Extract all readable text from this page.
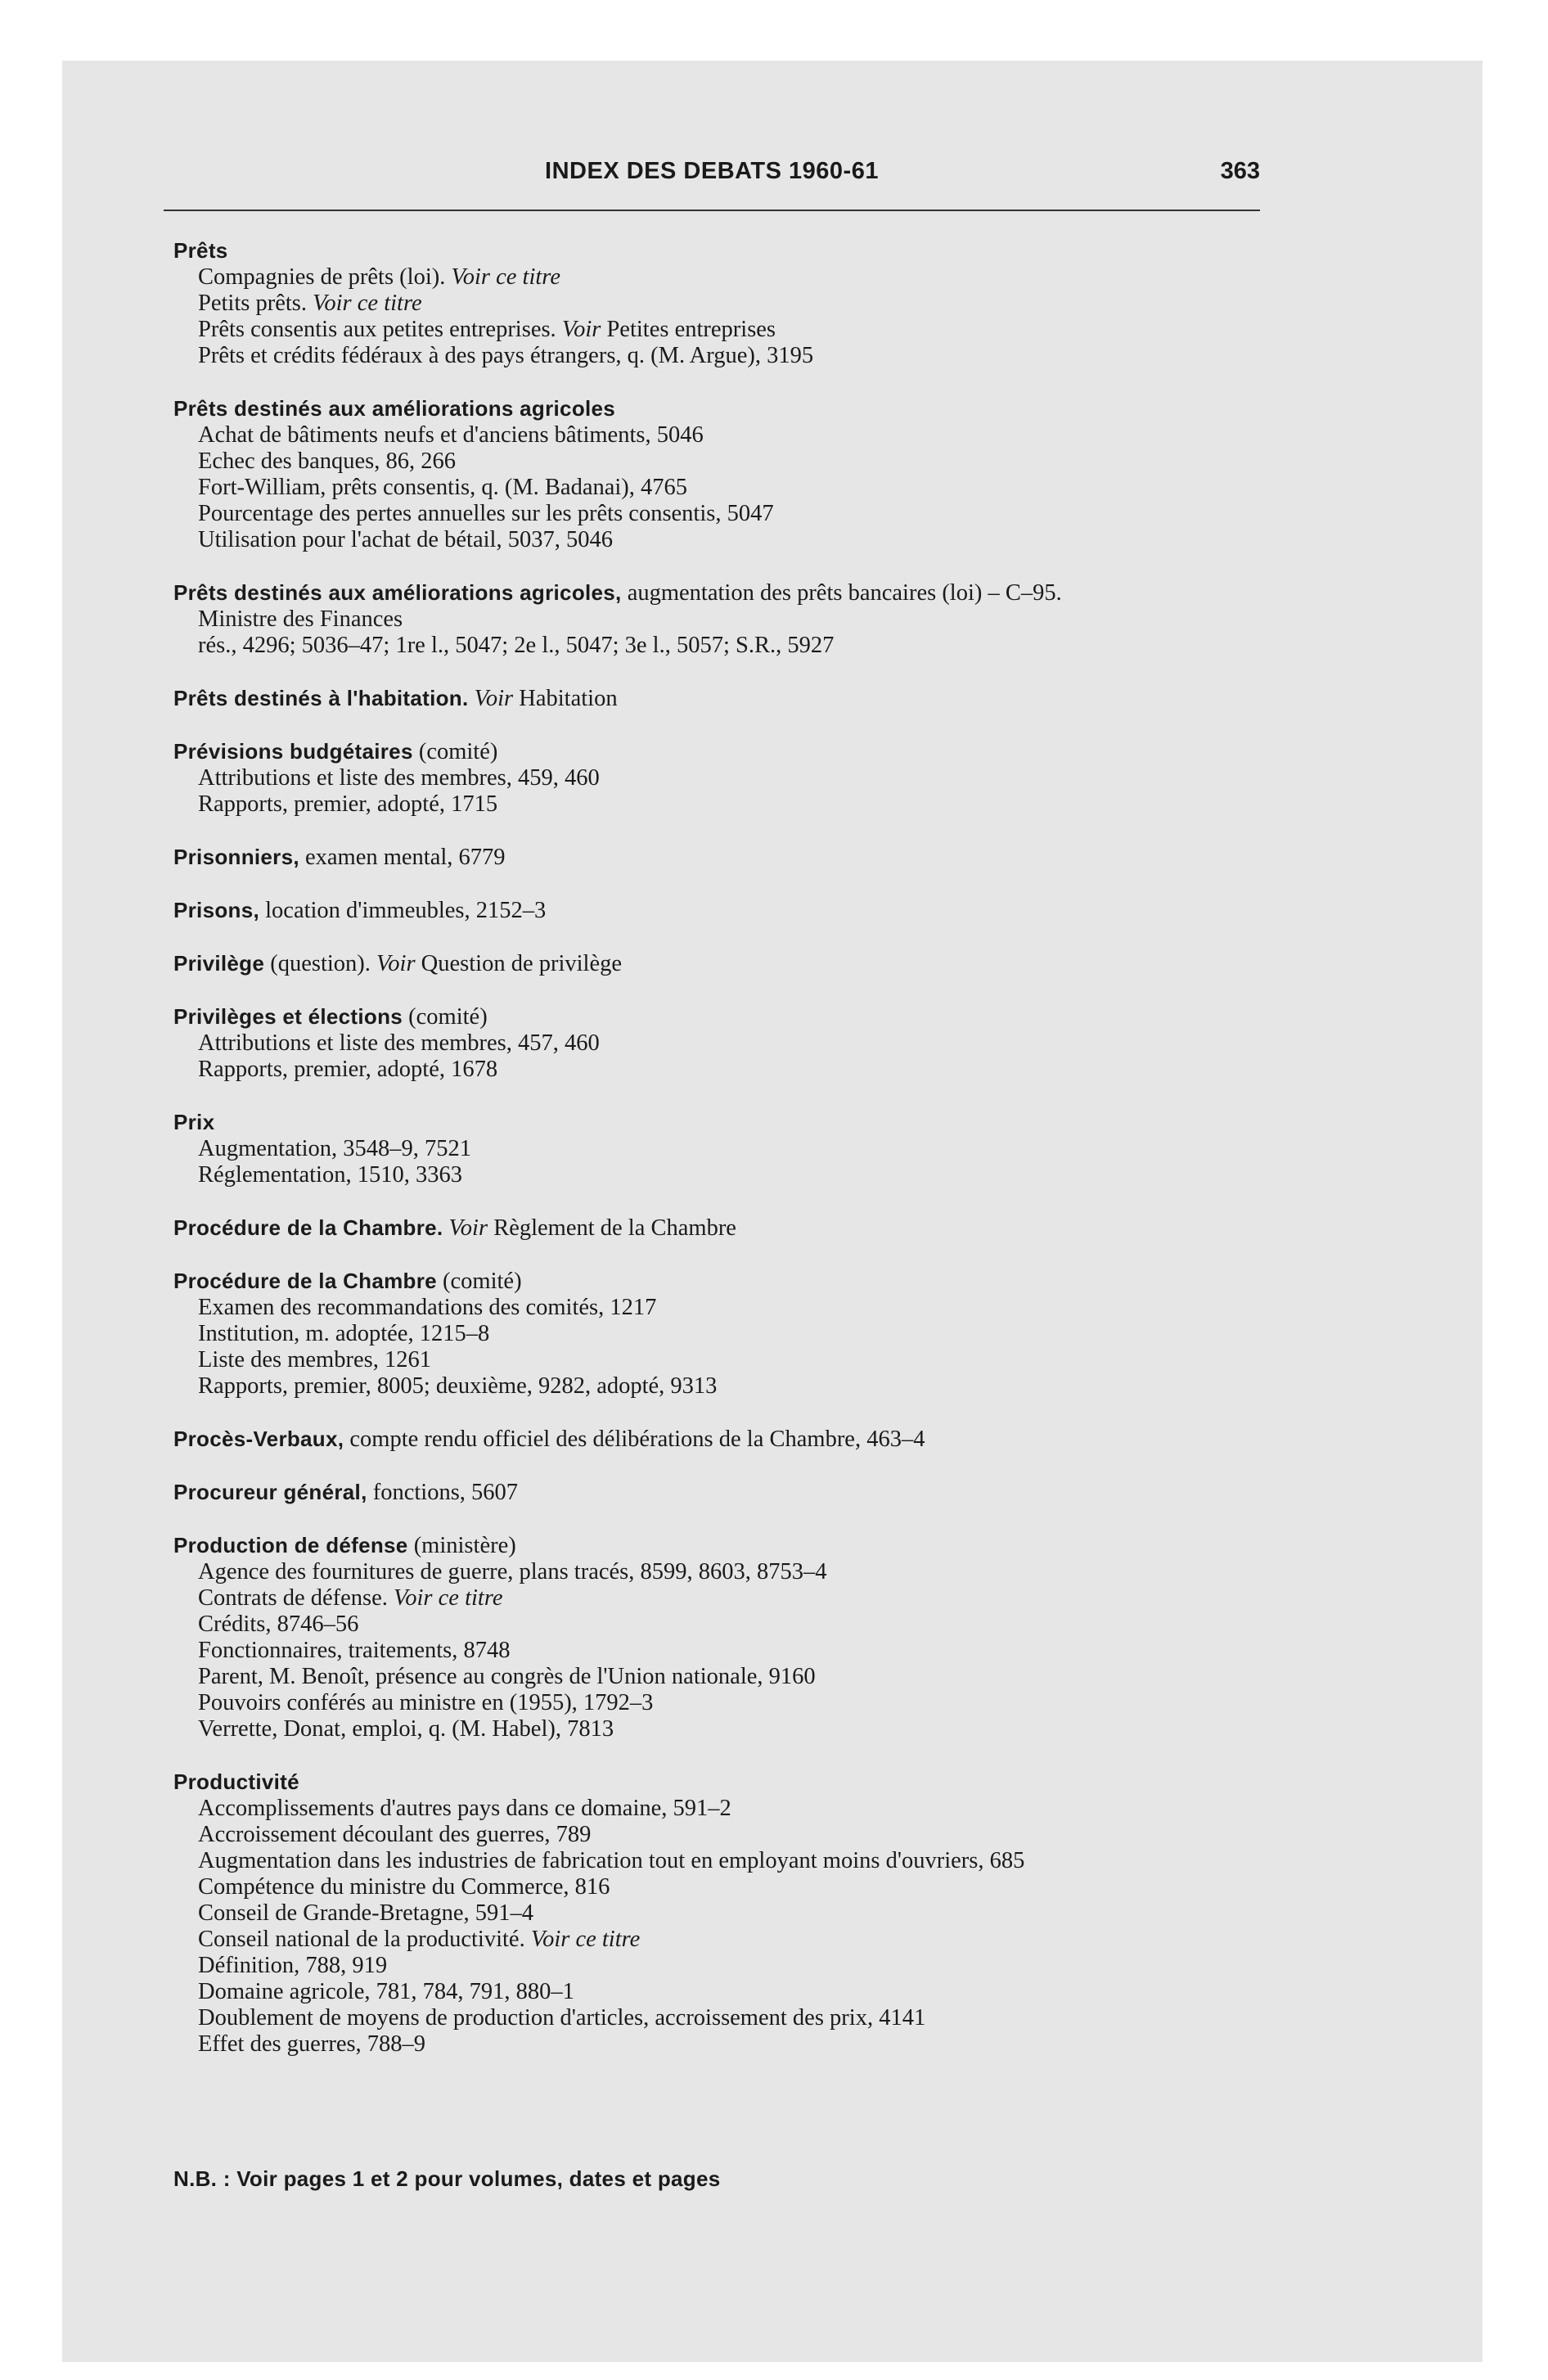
INDEX DES DEBATS 1960-61	363
Prêts
Compagnies de prêts (loi). Voir ce titre
Petits prêts. Voir ce titre
Prêts consentis aux petites entreprises. Voir Petites entreprises
Prêts et crédits fédéraux à des pays étrangers, q. (M. Argue), 3195
Prêts destinés aux améliorations agricoles
Achat de bâtiments neufs et d'anciens bâtiments, 5046
Echec des banques, 86, 266
Fort-William, prêts consentis, q. (M. Badanai), 4765
Pourcentage des pertes annuelles sur les prêts consentis, 5047
Utilisation pour l'achat de bétail, 5037, 5046
Prêts destinés aux améliorations agricoles, augmentation des prêts bancaires (loi) – C–95.
Ministre des Finances
rés., 4296; 5036–47; 1re l., 5047; 2e l., 5047; 3e l., 5057; S.R., 5927
Prêts destinés à l'habitation. Voir Habitation
Prévisions budgétaires (comité)
Attributions et liste des membres, 459, 460
Rapports, premier, adopté, 1715
Prisonniers, examen mental, 6779
Prisons, location d'immeubles, 2152–3
Privilège (question). Voir Question de privilège
Privilèges et élections (comité)
Attributions et liste des membres, 457, 460
Rapports, premier, adopté, 1678
Prix
Augmentation, 3548–9, 7521
Réglementation, 1510, 3363
Procédure de la Chambre. Voir Règlement de la Chambre
Procédure de la Chambre (comité)
Examen des recommandations des comités, 1217
Institution, m. adoptée, 1215–8
Liste des membres, 1261
Rapports, premier, 8005; deuxième, 9282, adopté, 9313
Procès-Verbaux, compte rendu officiel des délibérations de la Chambre, 463–4
Procureur général, fonctions, 5607
Production de défense (ministère)
Agence des fournitures de guerre, plans tracés, 8599, 8603, 8753–4
Contrats de défense. Voir ce titre
Crédits, 8746–56
Fonctionnaires, traitements, 8748
Parent, M. Benoît, présence au congrès de l'Union nationale, 9160
Pouvoirs conférés au ministre en (1955), 1792–3
Verrette, Donat, emploi, q. (M. Habel), 7813
Productivité
Accomplissements d'autres pays dans ce domaine, 591–2
Accroissement découlant des guerres, 789
Augmentation dans les industries de fabrication tout en employant moins d'ouvriers, 685
Compétence du ministre du Commerce, 816
Conseil de Grande-Bretagne, 591–4
Conseil national de la productivité. Voir ce titre
Définition, 788, 919
Domaine agricole, 781, 784, 791, 880–1
Doublement de moyens de production d'articles, accroissement des prix, 4141
Effet des guerres, 788–9
N.B. : Voir pages 1 et 2 pour volumes, dates et pages
